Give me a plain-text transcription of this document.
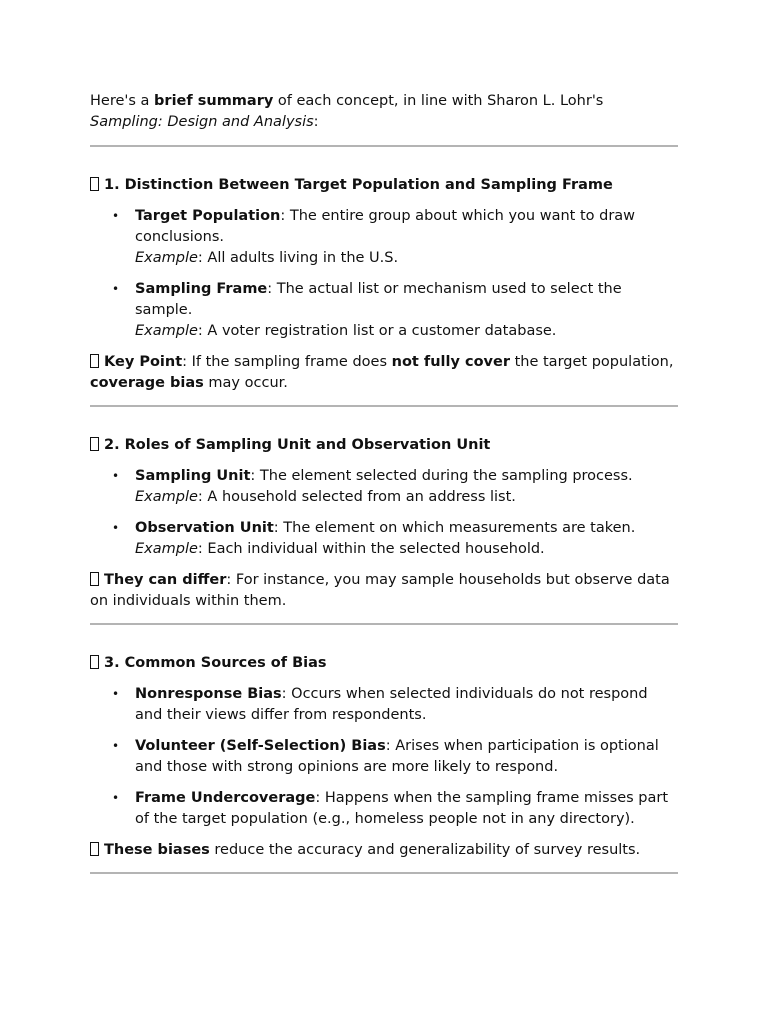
Here's a brief summary of each concept, in line with Sharon L. Lohr's Sampling: Design and Analysis:

1. Distinction Between Target Population and Sampling Frame

• Target Population: The entire group about which you want to draw conclusions.
Example: All adults living in the U.S.
• Sampling Frame: The actual list or mechanism used to select the sample.
Example: A voter registration list or a customer database.

Key Point: If the sampling frame does not fully cover the target population, coverage bias may occur.

2. Roles of Sampling Unit and Observation Unit

• Sampling Unit: The element selected during the sampling process.
Example: A household selected from an address list.
• Observation Unit: The element on which measurements are taken.
Example: Each individual within the selected household.

They can differ: For instance, you may sample households but observe data on individuals within them.

3. Common Sources of Bias

• Nonresponse Bias: Occurs when selected individuals do not respond and their views differ from respondents.
• Volunteer (Self-Selection) Bias: Arises when participation is optional and those with strong opinions are more likely to respond.
• Frame Undercoverage: Happens when the sampling frame misses part of the target population (e.g., homeless people not in any directory).

These biases reduce the accuracy and generalizability of survey results.
